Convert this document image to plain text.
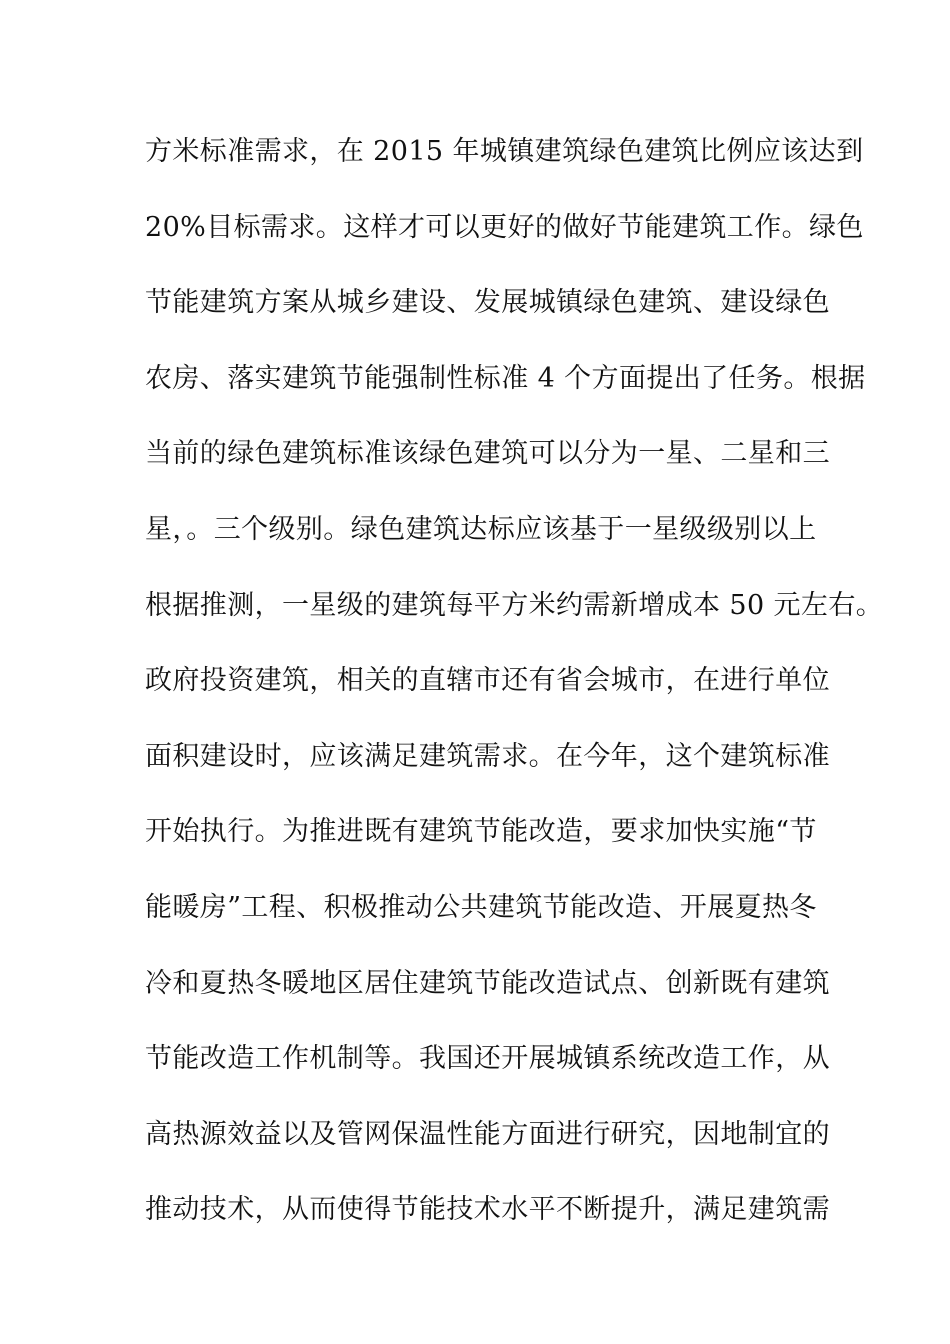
方米标准需求，在 2015 年城镇建筑绿色建筑比例应该达到
20%目标需求。这样才可以更好的做好节能建筑工作。绿色
节能建筑方案从城乡建设、发展城镇绿色建筑、建设绿色
农房、落实建筑节能强制性标准 4 个方面提出了任务。根据
当前的绿色建筑标准该绿色建筑可以分为一星、二星和三
星，。三个级别。绿色建筑达标应该基于一星级级别以上
根据推测，一星级的建筑每平方米约需新增成本 50 元左右。
政府投资建筑，相关的直辖市还有省会城市，在进行单位
面积建设时，应该满足建筑需求。在今年，这个建筑标准
开始执行。为推进既有建筑节能改造，要求加快实施“节
能暖房”工程、积极推动公共建筑节能改造、开展夏热冬
冷和夏热冬暖地区居住建筑节能改造试点、创新既有建筑
节能改造工作机制等。我国还开展城镇系统改造工作，从
高热源效益以及管网保温性能方面进行研究，因地制宜的
推动技术，从而使得节能技术水平不断提升，满足建筑需
